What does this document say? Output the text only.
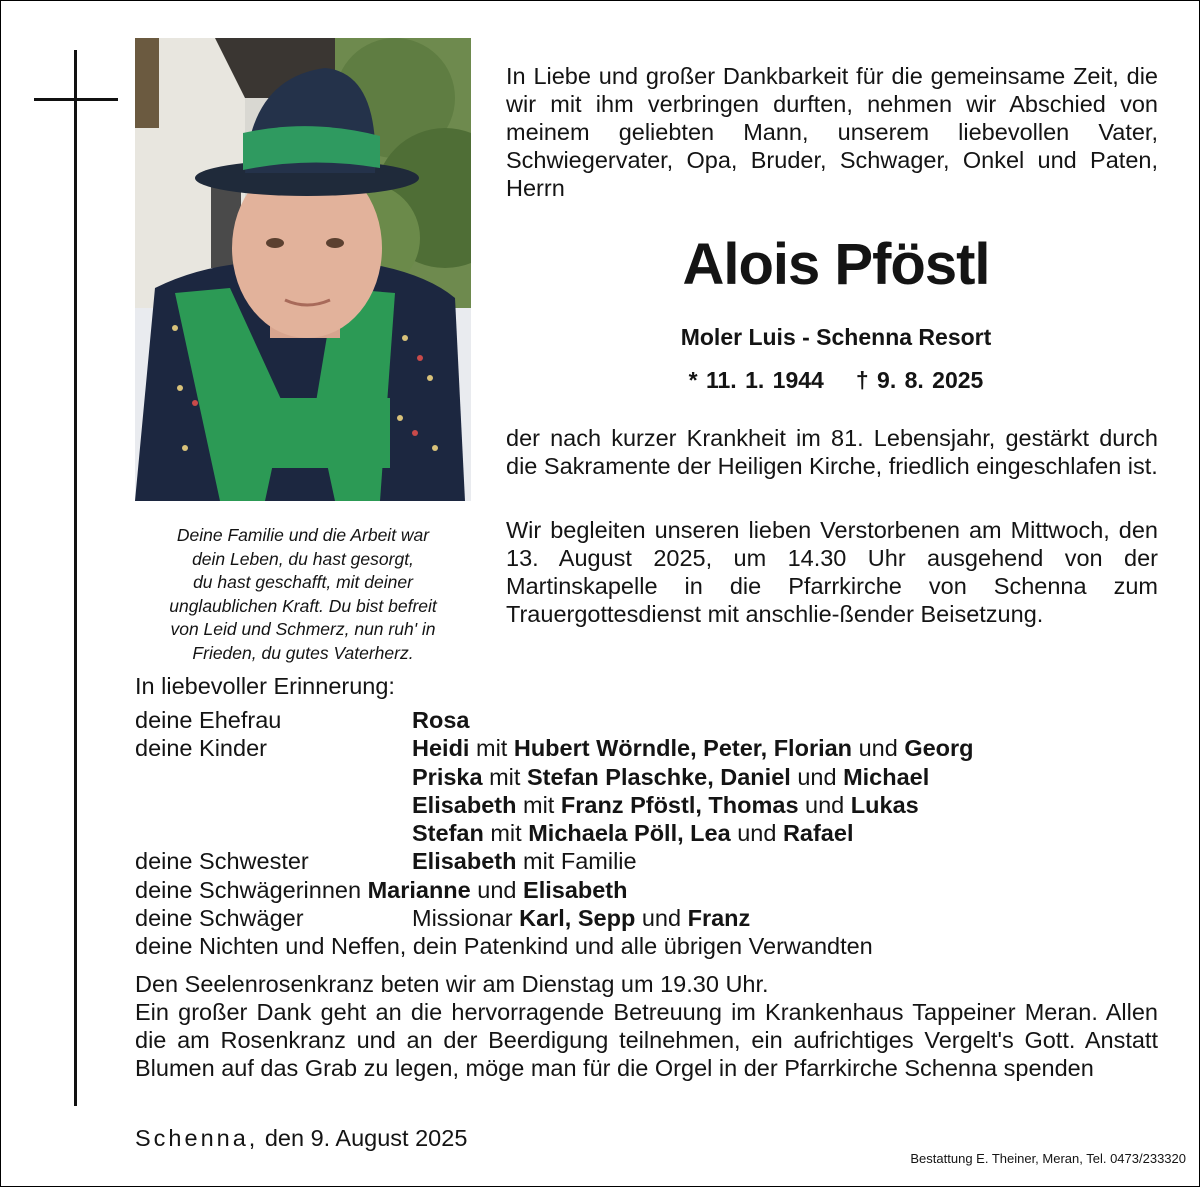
Deine Familie und die Arbeit war
dein Leben, du hast gesorgt,
du hast geschafft, mit deiner
unglaublichen Kraft. Du bist befreit
von Leid und Schmerz, nun ruh' in
Frieden, du gutes Vaterherz.
In Liebe und großer Dankbarkeit für die gemeinsame Zeit, die wir mit ihm verbringen durften, nehmen wir Abschied von meinem geliebten Mann, unserem liebevollen Vater, Schwiegervater, Opa, Bruder, Schwager, Onkel und Paten, Herrn
Alois Pföstl
Moler Luis - Schenna Resort
* 11. 1. 1944 † 9. 8. 2025
der nach kurzer Krankheit im 81. Lebensjahr, gestärkt durch die Sakramente der Heiligen Kirche, friedlich eingeschlafen ist.
Wir begleiten unseren lieben Verstorbenen am Mittwoch, den 13. August 2025, um 14.30 Uhr ausgehend von der Martinskapelle in die Pfarrkirche von Schenna zum Trauergottesdienst mit anschlie-ßender Beisetzung.
In liebevoller Erinnerung:
deine Ehefrau	Rosa
deine Kinder	Heidi mit Hubert Wörndle, Peter, Florian und Georg
Priska mit Stefan Plaschke, Daniel und Michael
Elisabeth mit Franz Pföstl, Thomas und Lukas
Stefan mit Michaela Pöll, Lea und Rafael
deine Schwester	Elisabeth mit Familie
deine Schwägerinnen Marianne und Elisabeth
deine Schwäger	Missionar Karl, Sepp und Franz
deine Nichten und Neffen, dein Patenkind und alle übrigen Verwandten

Den Seelenrosenkranz beten wir am Dienstag um 19.30 Uhr.

Ein großer Dank geht an die hervorragende Betreuung im Krankenhaus Tappeiner Meran. Allen die am Rosenkranz und an der Beerdigung teilnehmen, ein aufrichtiges Vergelt's Gott. Anstatt Blumen auf das Grab zu legen, möge man für die Orgel in der Pfarrkirche Schenna spenden

Schenna, den 9. August 2025
Bestattung E. Theiner, Meran, Tel. 0473/233320
